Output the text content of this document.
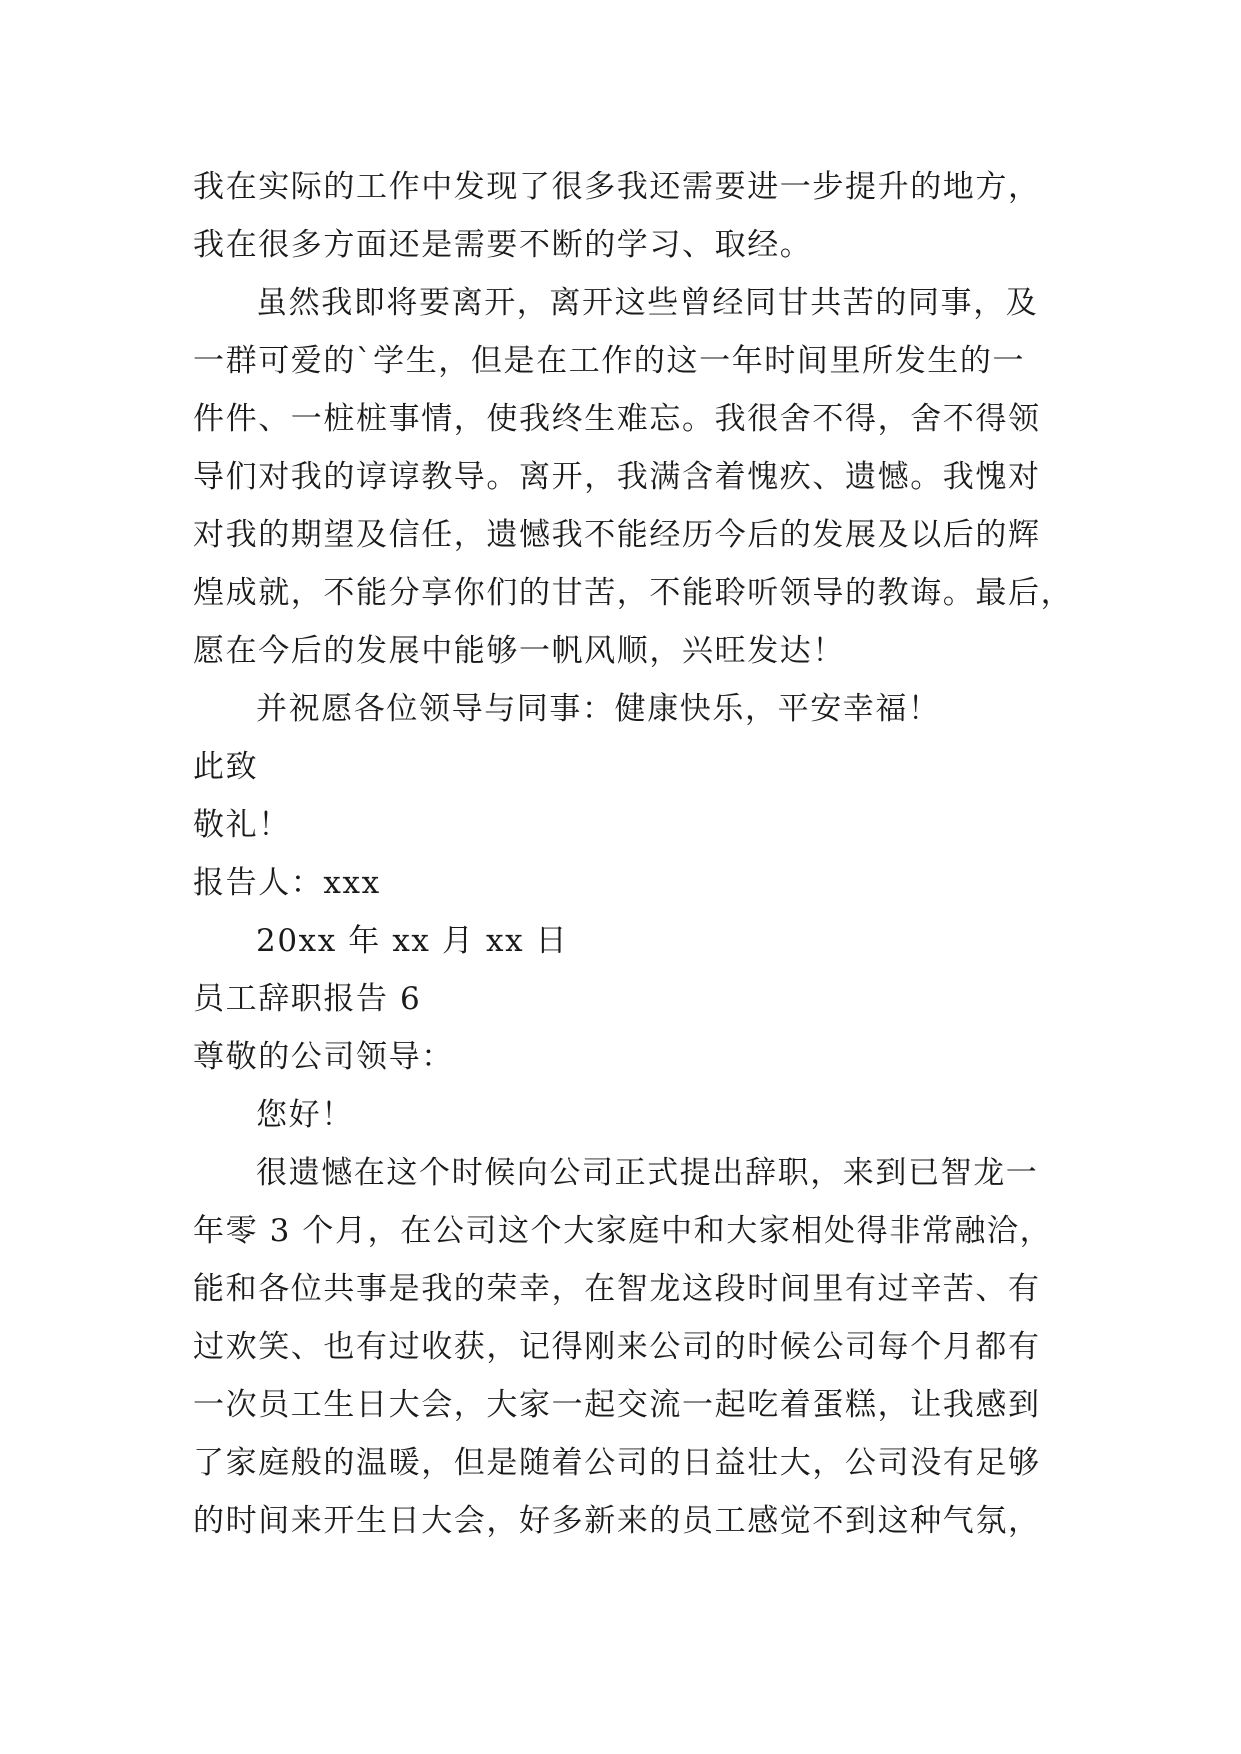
我在实际的工作中发现了很多我还需要进一步提升的地方，
我在很多方面还是需要不断的学习、取经。
虽然我即将要离开，离开这些曾经同甘共苦的同事，及
一群可爱的`学生，但是在工作的这一年时间里所发生的一
件件、一桩桩事情，使我终生难忘。我很舍不得，舍不得领
导们对我的谆谆教导。离开，我满含着愧疚、遗憾。我愧对
对我的期望及信任，遗憾我不能经历今后的发展及以后的辉
煌成就，不能分享你们的甘苦，不能聆听领导的教诲。最后，
愿在今后的发展中能够一帆风顺，兴旺发达！
并祝愿各位领导与同事：健康快乐，平安幸福！
此致
敬礼！
报告人：xxx
20xx 年 xx 月 xx 日
员工辞职报告 6
尊敬的公司领导：
您好！
很遗憾在这个时候向公司正式提出辞职，来到已智龙一
年零 3 个月，在公司这个大家庭中和大家相处得非常融洽，
能和各位共事是我的荣幸，在智龙这段时间里有过辛苦、有
过欢笑、也有过收获，记得刚来公司的时候公司每个月都有
一次员工生日大会，大家一起交流一起吃着蛋糕，让我感到
了家庭般的温暖，但是随着公司的日益壮大，公司没有足够
的时间来开生日大会，好多新来的员工感觉不到这种气氛，
